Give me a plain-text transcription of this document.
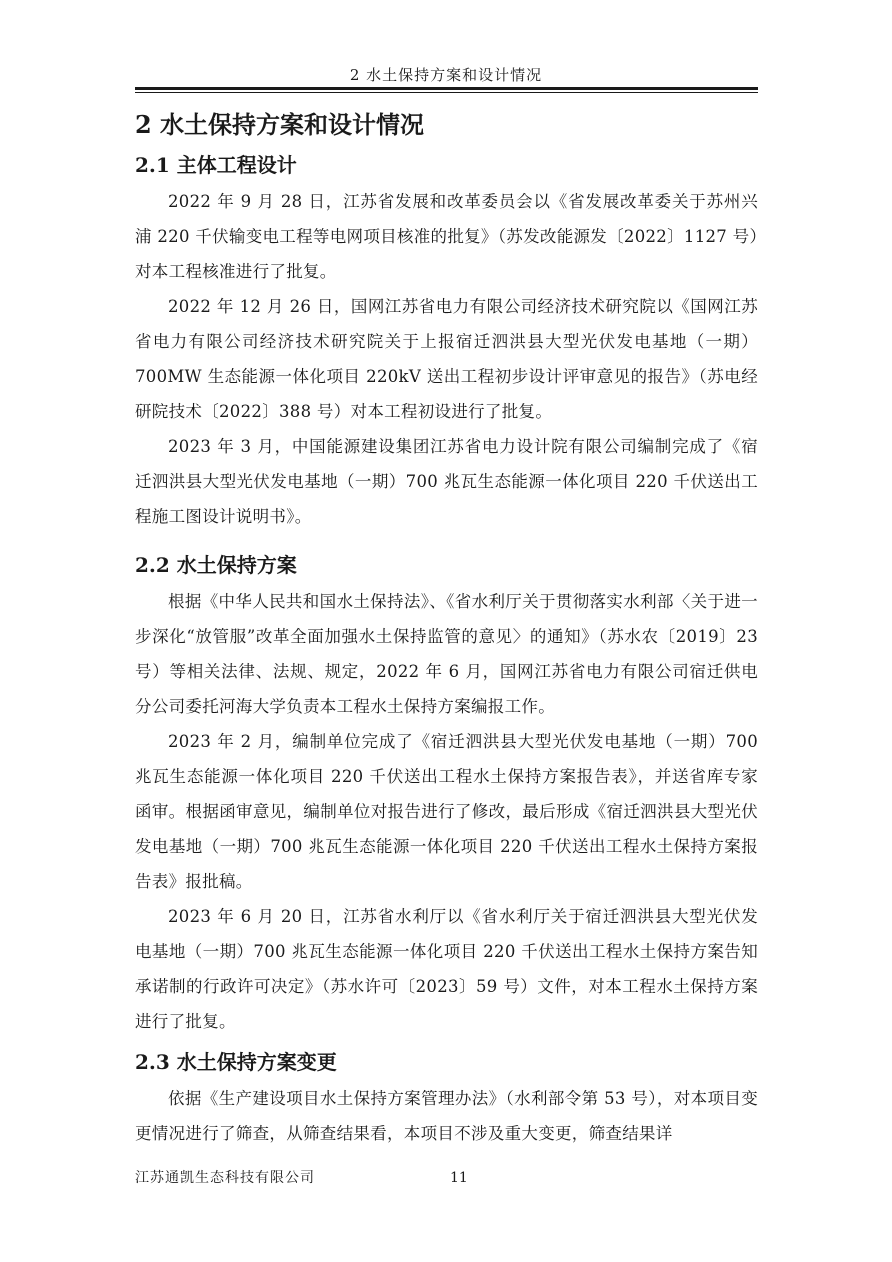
2 水土保持方案和设计情况
2 水土保持方案和设计情况
2.1 主体工程设计

2022 年 9 月 28 日，江苏省发展和改革委员会以《省发展改革委关于苏州兴浦 220 千伏输变电工程等电网项目核准的批复》（苏发改能源发〔2022〕1127 号）对本工程核准进行了批复。

2022 年 12 月 26 日，国网江苏省电力有限公司经济技术研究院以《国网江苏省电力有限公司经济技术研究院关于上报宿迁泗洪县大型光伏发电基地（一期）700MW 生态能源一体化项目 220kV 送出工程初步设计评审意见的报告》（苏电经研院技术〔2022〕388 号）对本工程初设进行了批复。

2023 年 3 月，中国能源建设集团江苏省电力设计院有限公司编制完成了《宿迁泗洪县大型光伏发电基地（一期）700 兆瓦生态能源一体化项目 220 千伏送出工程施工图设计说明书》。

2.2 水土保持方案

根据《中华人民共和国水土保持法》、《省水利厅关于贯彻落实水利部〈关于进一步深化“放管服”改革全面加强水土保持监管的意见〉的通知》（苏水农〔2019〕23 号）等相关法律、法规、规定，2022 年 6 月，国网江苏省电力有限公司宿迁供电分公司委托河海大学负责本工程水土保持方案编报工作。

2023 年 2 月，编制单位完成了《宿迁泗洪县大型光伏发电基地（一期）700 兆瓦生态能源一体化项目 220 千伏送出工程水土保持方案报告表》，并送省库专家函审。根据函审意见，编制单位对报告进行了修改，最后形成《宿迁泗洪县大型光伏发电基地（一期）700 兆瓦生态能源一体化项目 220 千伏送出工程水土保持方案报告表》报批稿。

2023 年 6 月 20 日，江苏省水利厅以《省水利厅关于宿迁泗洪县大型光伏发电基地（一期）700 兆瓦生态能源一体化项目 220 千伏送出工程水土保持方案告知承诺制的行政许可决定》（苏水许可〔2023〕59 号）文件，对本工程水土保持方案进行了批复。

2.3 水土保持方案变更

依据《生产建设项目水土保持方案管理办法》（水利部令第 53 号），对本项目变更情况进行了筛查，从筛查结果看，本项目不涉及重大变更，筛查结果详

江苏通凯生态科技有限公司	11
